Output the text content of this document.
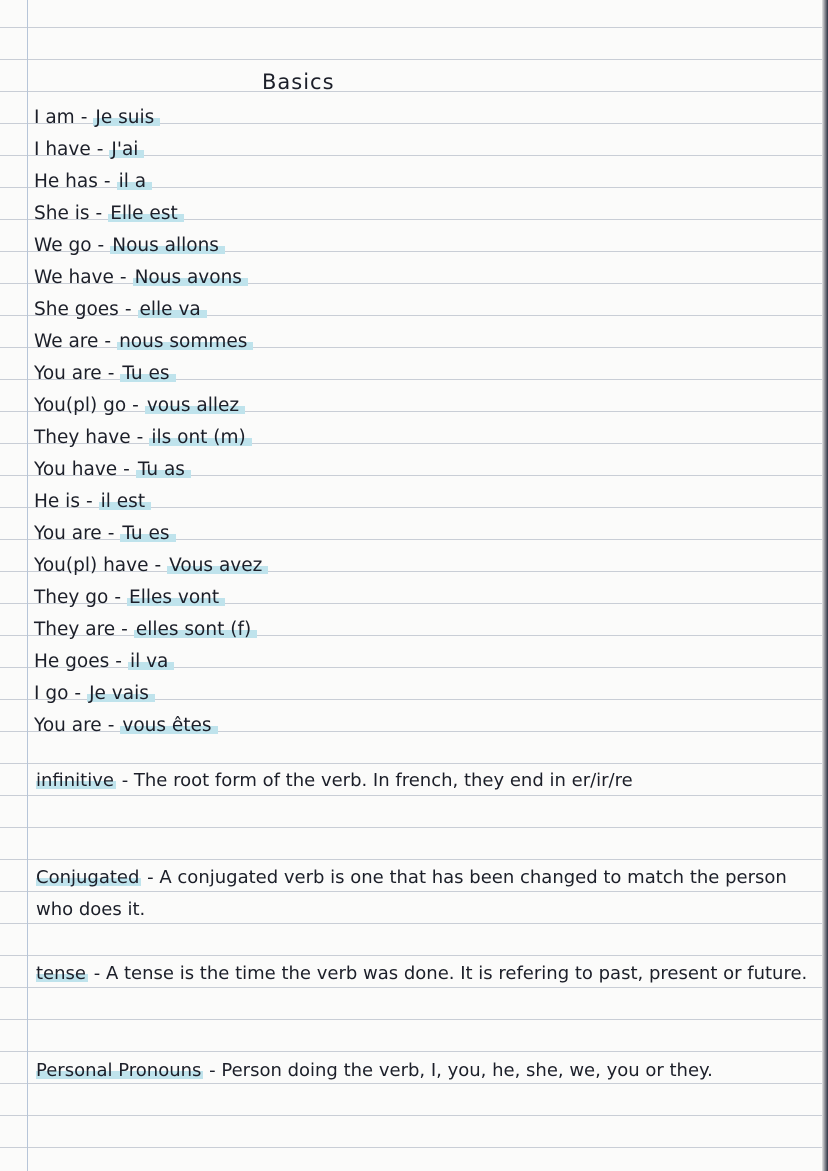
Basics
I am - Je suis
I have - J'ai
He has - il a
She is - Elle est
We go - Nous allons
We have - Nous avons
She goes - elle va
We are - nous sommes
You are - Tu es
You(pl) go - vous allez
They have - ils ont (m)
You have - Tu as
He is - il est
You are - Tu es
You(pl) have - Vous avez
They go - Elles vont
They are - elles sont (f)
He goes - il va
I go - Je vais
You are - vous êtes
infinitive - The root form of the verb. In french, they end in er/ir/re
Conjugated - A conjugated verb is one that has been changed to match the person who does it.
tense - A tense is the time the verb was done. It is refering to past, present or future.
Personal Pronouns - Person doing the verb, I, you, he, she, we, you or they.
